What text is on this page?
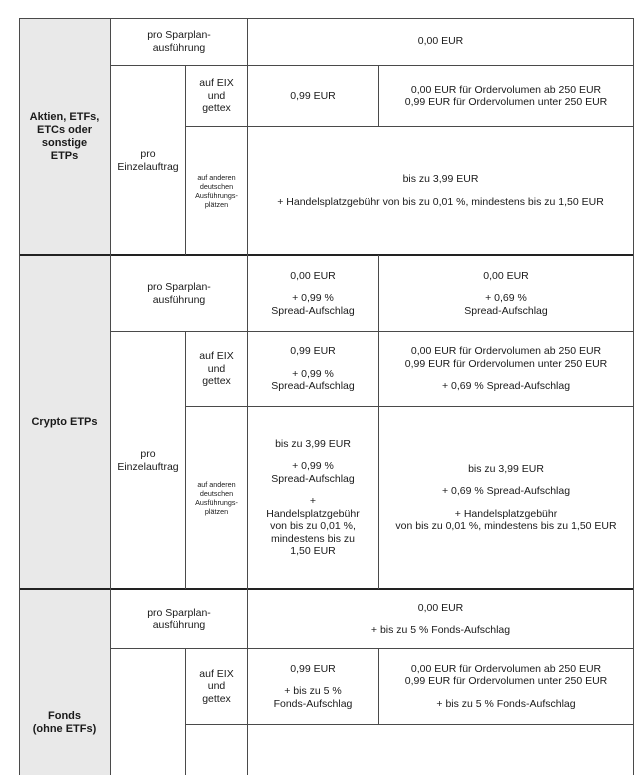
Aktien, ETFs,
ETCs oder
sonstige
ETPs
pro Sparplan-
ausführung
0,00 EUR
pro
Einzelauftrag
auf EIX
und
gettex
0,99 EUR
0,00 EUR für Ordervolumen ab 250 EUR
0,99 EUR für Ordervolumen unter 250 EUR
auf anderen
deutschen
Ausführungs-
plätzen
bis zu 3,99 EUR
+ Handelsplatzgebühr von bis zu 0,01 %, mindestens bis zu 1,50 EUR
Crypto ETPs
pro Sparplan-
ausführung
0,00 EUR
+ 0,99 %
Spread-Aufschlag
0,00 EUR
+ 0,69 %
Spread-Aufschlag
pro
Einzelauftrag
auf EIX
und
gettex
0,99 EUR
+ 0,99 %
Spread-Aufschlag
0,00 EUR für Ordervolumen ab 250 EUR
0,99 EUR für Ordervolumen unter 250 EUR
+ 0,69 % Spread-Aufschlag
auf anderen
deutschen
Ausführungs-
plätzen
bis zu 3,99 EUR
+ 0,99 %
Spread-Aufschlag
+
Handelsplatzgebühr
von bis zu 0,01 %,
mindestens bis zu
1,50 EUR
bis zu 3,99 EUR
+ 0,69 % Spread-Aufschlag
+ Handelsplatzgebühr
von bis zu 0,01 %, mindestens bis zu 1,50 EUR
Fonds
(ohne ETFs)
pro Sparplan-
ausführung
0,00 EUR
+ bis zu 5 % Fonds-Aufschlag
auf EIX
und
gettex
0,99 EUR
+ bis zu 5 %
Fonds-Aufschlag
0,00 EUR für Ordervolumen ab 250 EUR
0,99 EUR für Ordervolumen unter 250 EUR
+ bis zu 5 % Fonds-Aufschlag
